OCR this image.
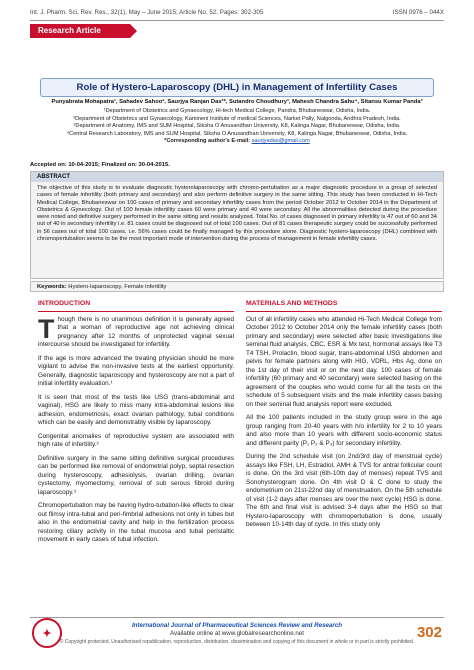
Int. J. Pharm. Sci. Rev. Res., 32(1), May – June 2015; Article No. 52, Pages: 302-305	ISSN 0976 – 044X
Research Article
Role of Hystero-Laparoscopy (DHL) in Management of Infertility Cases
Punyabrata Mohapatra¹, Sahadev Sahoo², Saurjya Ranjan Das³*, Sutandro Choudhury³, Mahesh Chandra Sahu⁴, Sitansu Kumar Panda³
¹Department of Obstetrics and Gynaecology, Hi-tech Medical College, Pandra, Bhubaneswar, Odisha, India.
²Department of Obstetrics and Gynaecology, Kamineni Institute of medical Sciences, Narket Pally, Nalgonda, Andhra Pradesh, India.
³Department of Anatomy, IMS and SUM Hospital, Siksha O Anusandhan University, K8, Kalinga Nagar, Bhubaneswar, Odisha, India.
⁴Central Research Laboratory, IMS and SUM Hospital, Siksha O Anusandhan University, K8, Kalinga Nagar, Bhubaneswar, Odisha, India.
*Corresponding author's E-mail: saurjyadas@gmail.com
Accepted on: 10-04-2015; Finalized on: 30-04-2015.
ABSTRACT
The objective of this study is to evaluate diagnostic hysterolaparoscopy with chromo-pertubation as a major diagnostic procedure in a group of selected cases of female infertility (both primary and secondary) and also perform definitive surgery in the same sitting. This study has been conducted in Hi-Tech Medical College, Bhubaneswar on 100 cases of primary and secondary infertility cases from the period October 2012 to October 2014 in the Department of Obstetrics & Gynecology. Out of 100 female infertility cases 60 were primary and 40 were secondary. All the abnormalities detected during the procedure were noted and definitive surgery performed in the same sitting and results analyzed. Total No. of cases diagnosed in primary infertility is 47 out of 60 and 34 out of 40 in secondary infertility i.e. 81 cases could be diagnosed out of total 100 cases. Out of 81 cases therapeutic surgery could be successfully performed in 56 cases out of total 100 cases, i.e. 56% cases could be finally managed by this procedure alone. Diagnostic hystero-laparoscopy (DHL) combined with chromopertubation seems to be the most important mode of intervention during the process of management in female infertility cases.
Keywords: Hystero-laparoscopy, Female infertility
INTRODUCTION

Though there is no unanimous definition it is generally agreed that a woman of reproductive age not achieving clinical pregnancy after 12 months of unprotected vaginal sexual intercourse should be investigated for infertility.

If the age is more advanced the treating physician should be more vigilant to advise the non-invasive tests at the earliest opportunity. Generally, diagnostic laparoscopy and hysteroscopy are not a part of initial infertility evaluation.¹

It is seen that most of the tests like USG (trans-abdominal and vaginal), HSG are likely to miss many intra-abdominal lesions like adhesion, endometriosis, exact ovarian pathology, tubal conditions which can be easily and demonstrably visible by laparoscopy.

Congenital anomalies of reproductive system are associated with high rate of infertility.²

Definitive surgery in the same sitting definitive surgical procedures can be performed like removal of endometrial polyp, septal resection during hysteroscopy, adhesiolysis, ovarian drilling, ovarian cystectomy, myomectomy, removal of sub serous fibroid during laparoscopy.³

Chromopertubation may be having hydro-tubation-like effects to clear out flimsy intra-tubal and peri-fimbrial adhesions not only in tubes but also in the endometrial cavity and help in the fertilization process restoring ciliary activity in the tubal mucosa and tubal peristaltic movement in early cases of tubal infection.

MATERIALS AND METHODS

Out of all infertility cases who attended Hi-Tech Medical College from October 2012 to October 2014 only the female infertility cases (both primary and secondary) were selected after basic investigations like seminal fluid analysis, CBC, ESR & Mx test, hormonal assays like T3 T4 TSH, Prolactin, blood sugar, trans-abdominal USG abdomen and pelvis for female partners along with HIG, VDRL, Hbs Ag, done on the 1st day of their visit or on the next day. 100 cases of female infertility (60 primary and 40 secondary) were selected basing on the agreement of the couples who would come for all the tests on the schedule of 5 subsequent visits and the male infertility cases basing on their seminal fluid analysis report were excluded.

All the 100 patients included in the study group were in the age group ranging from 20-40 years with h/o infertility for 2 to 10 years and also more than 10 years with different socio-economic status and different parity (P₁ P₂ & P₃) for secondary infertility.

During the 2nd schedule visit (on 2nd/3rd day of menstrual cycle) assays like FSH, LH, Estradiol, AMH & TVS for antral follicular count is done. On the 3rd visit (6th-10th day of menses) repeat TVS and Sonohysterogram done. On 4th visit D & C done to study the endometrium on 21st-22nd day of menstruation. On the 5th schedule of visit (1-2 days after menses are over the next cycle) HSG is done. The 6th and final visit is advised 3-4 days after the HSG so that Hystero-laparoscopy with chromopertubation is done, usually between 10-14th day of cycle. In this study only

✦
International Journal of Pharmaceutical Sciences Review and Research
Available online at www.globalresearchonline.net
© Copyright protected. Unauthorised republication, reproduction, distribution, dissemination and copying of this document in whole or in part is strictly prohibited.
302
